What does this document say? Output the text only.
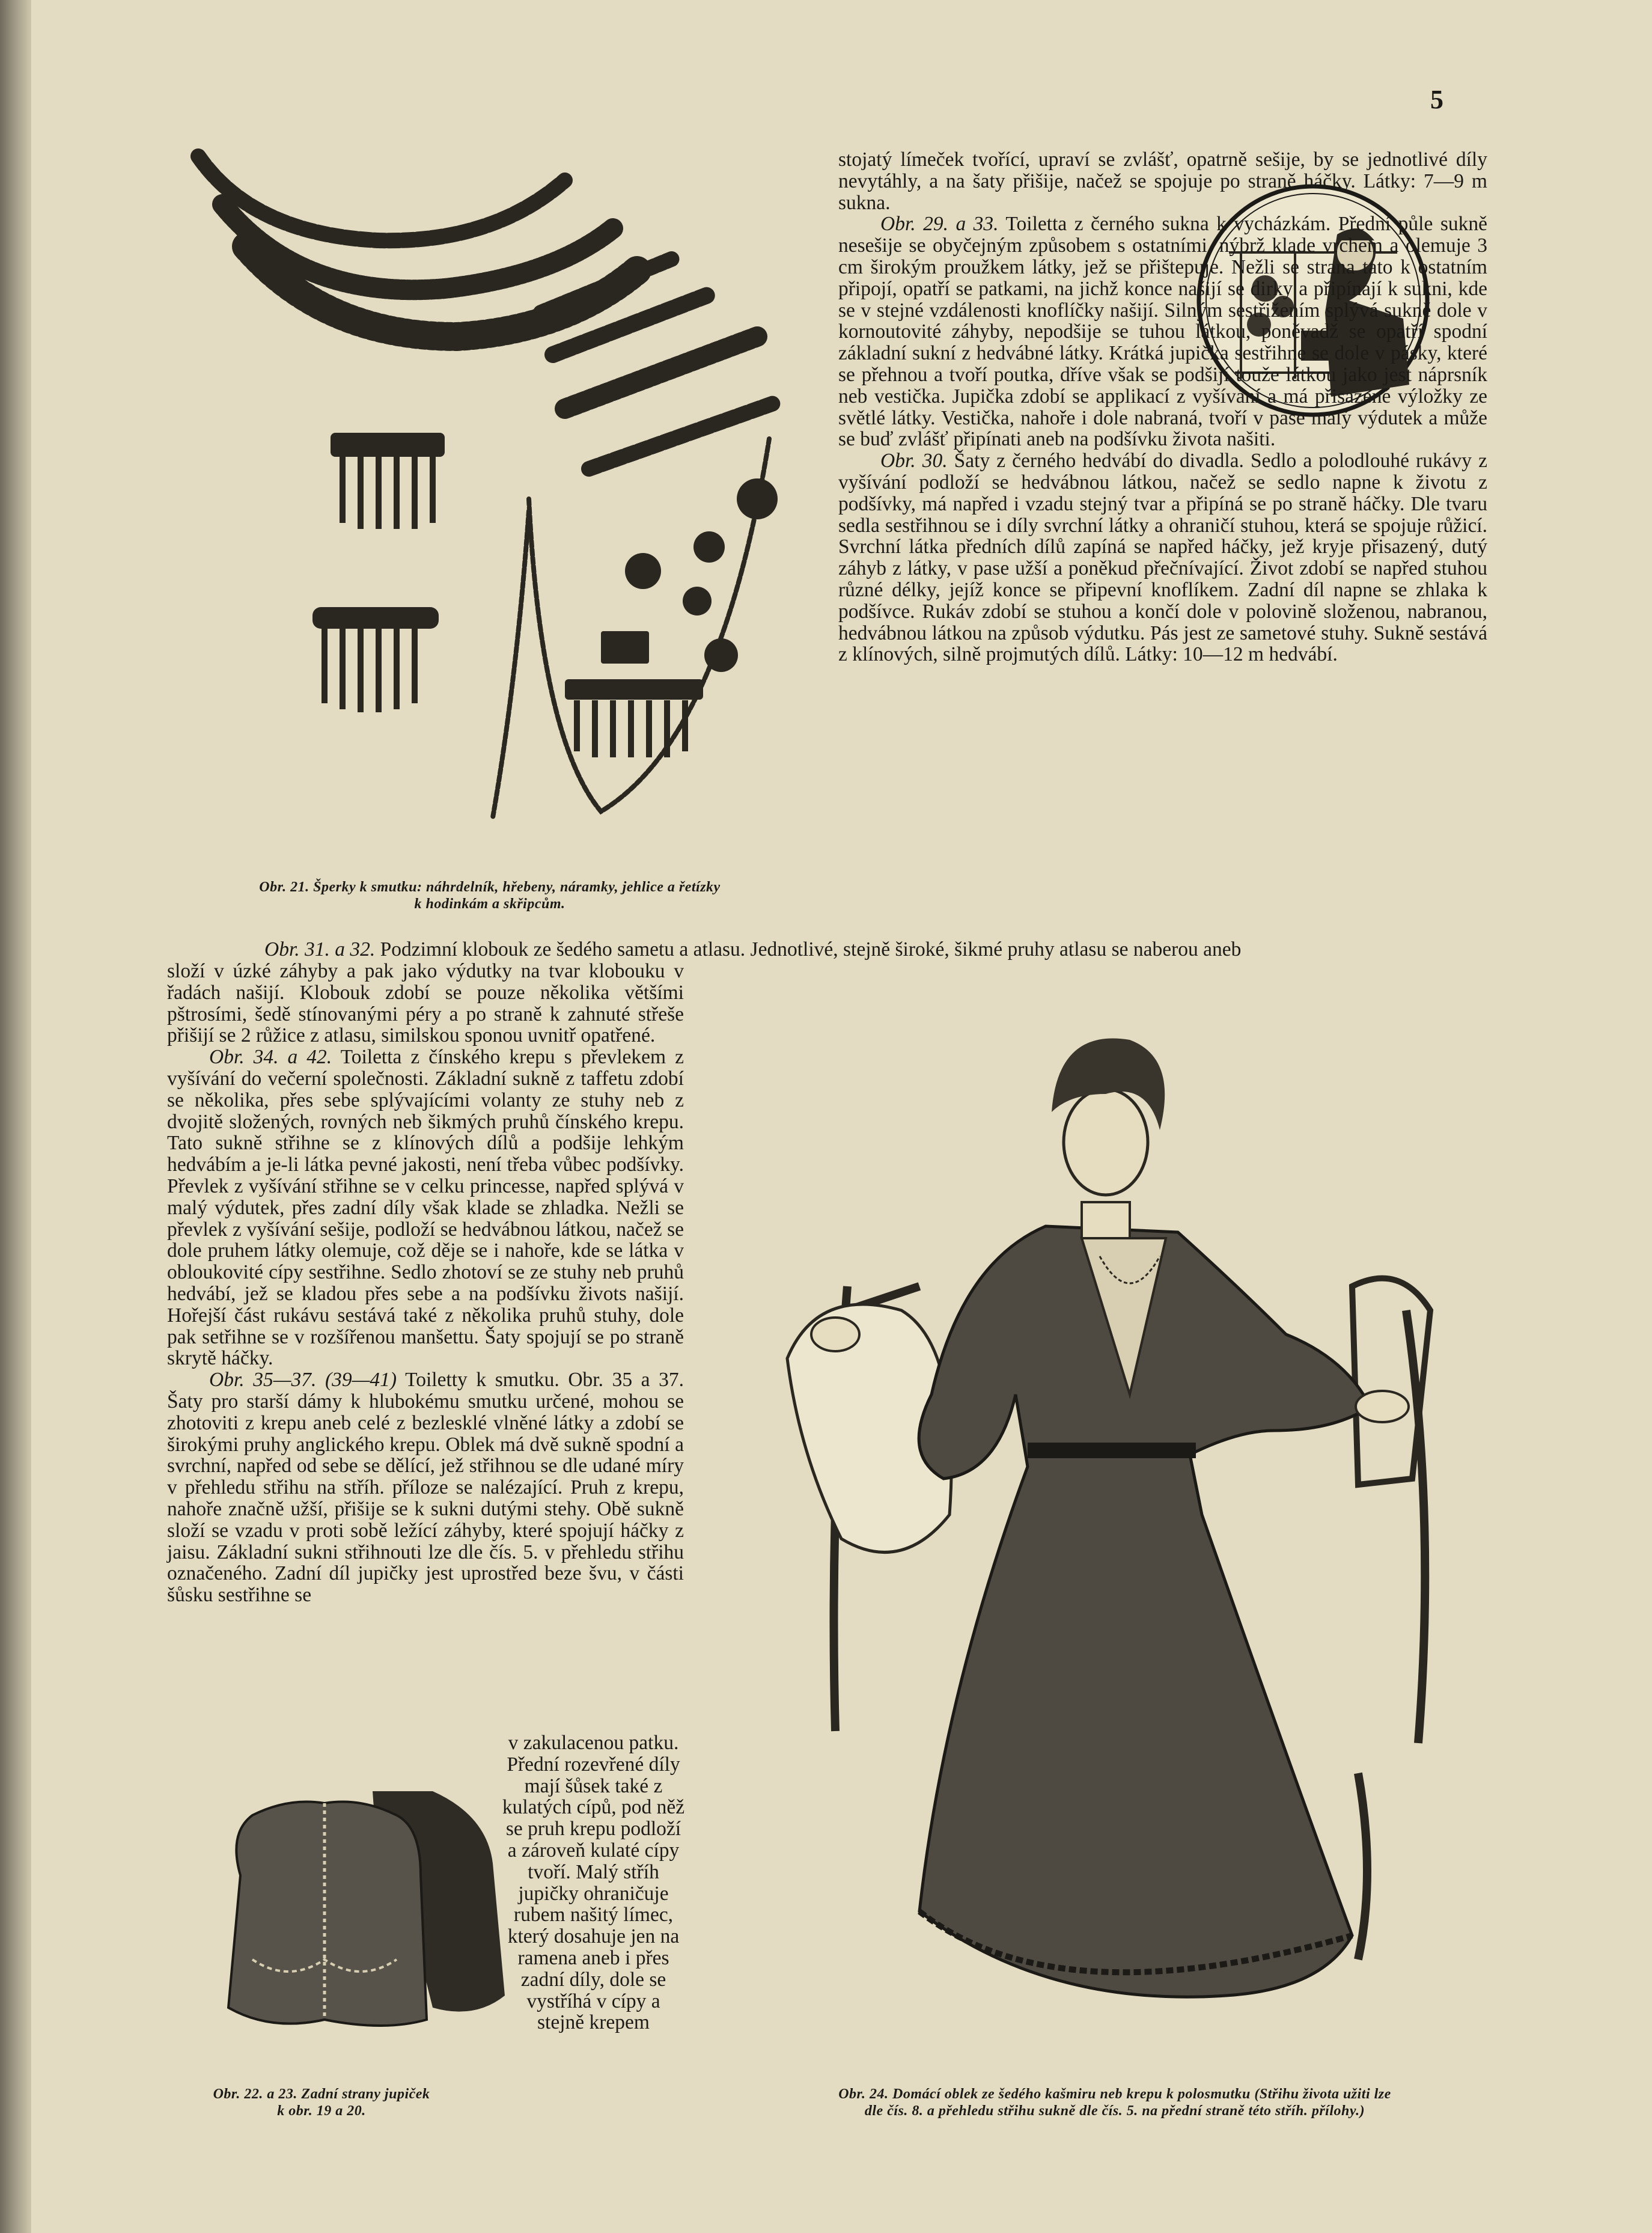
5

stojatý límeček tvořící, upraví se zvlášť, opatrně sešije, by se jednotlivé díly nevytáhly, a na šaty přišije, načež se spojuje po straně háčky. Látky: 7—9 m sukna.
Obr. 29. a 33. Toiletta z černého sukna k vycházkám. Přední půle sukně nesešije se obyčejným způsobem s ostatními, nýbrž klade vrchem a olemuje 3 cm širokým proužkem látky, jež se přištepuje. Nežli se strana tato k ostatním připojí, opatří se patkami, na jichž konce našijí se dirky a připínají k sukni, kde se v stejné vzdálenosti knoflíčky našijí. Silným sestřižením splývá sukně dole v kornoutovité záhyby, nepodšije se tuhou látkou, poněvadž se opatří spodní základní sukní z hedvábné látky. Krátká jupička sestřihne se dole v pásky, které se přehnou a tvoří poutka, dříve však se podšijí touže látkou jako jest náprsník neb vestička. Jupička zdobí se applikací z vyšívání a má přisazené výložky ze světlé látky. Vestička, nahoře i dole nabraná, tvoří v pase malý výdutek a může se buď zvlášť připínati aneb na podšívku života našiti.
Obr. 30. Šaty z černého hedvábí do divadla. Sedlo a polodlouhé rukávy z vyšívání podloží se hedvábnou látkou, načež se sedlo napne k životu z podšívky, má napřed i vzadu stejný tvar a připíná se po straně háčky. Dle tvaru sedla sestřihnou se i díly svrchní látky a ohraničí stuhou, která se spojuje růžicí. Svrchní látka předních dílů zapíná se napřed háčky, jež kryje přisazený, dutý záhyb z látky, v pase užší a poněkud přečnívající. Život zdobí se napřed stuhou různé délky, jejíž konce se připevní knoflíkem. Zadní díl napne se zhlaka k podšívce. Rukáv zdobí se stuhou a končí dole v polovině složenou, nabranou, hedvábnou látkou na způsob výdutku. Pás jest ze sametové stuhy. Sukně sestává z klínových, silně projmutých dílů. Látky: 10—12 m hedvábí.

Obr. 21. Šperky k smutku: náhrdelník, hřebeny, náramky, jehlice a řetízky
k hodinkám a skřipcům.
Obr. 31. a 32. Podzimní klobouk ze šedého sametu a atlasu. Jednotlivé, stejně široké, šikmé pruhy atlasu se naberou aneb

složí v úzké záhyby a pak jako výdutky na tvar klobouku v řadách našijí. Klobouk zdobí se pouze několika většími pštrosími, šedě stínovanými péry a po straně k zahnuté střeše přišijí se 2 růžice z atlasu, similskou sponou uvnitř opatřené.
Obr. 34. a 42. Toiletta z čínského krepu s převlekem z vyšívání do večerní společnosti. Základní sukně z taffetu zdobí se několika, přes sebe splývajícími volanty ze stuhy neb z dvojitě složených, rovných neb šikmých pruhů čínského krepu. Tato sukně střihne se z klínových dílů a podšije lehkým hedvábím a je-li látka pevné jakosti, není třeba vůbec podšívky. Převlek z vyšívání střihne se v celku princesse, napřed splývá v malý výdutek, přes zadní díly však klade se zhladka. Nežli se převlek z vyšívání sešije, podloží se hedvábnou látkou, načež se dole pruhem látky olemuje, což děje se i nahoře, kde se látka v obloukovité cípy sestřihne. Sedlo zhotoví se ze stuhy neb pruhů hedvábí, jež se kladou přes sebe a na podšívku živots našijí. Hořejší část rukávu sestává také z několika pruhů stuhy, dole pak setřihne se v rozšířenou manšettu. Šaty spojují se po straně skrytě háčky.
Obr. 35—37. (39—41) Toiletty k smutku. Obr. 35 a 37. Šaty pro starší dámy k hlubokému smutku určené, mohou se zhotoviti z krepu aneb celé z bezlesklé vlněné látky a zdobí se širokými pruhy anglického krepu. Oblek má dvě sukně spodní a svrchní, napřed od sebe se dělící, jež střihnou se dle udané míry v přehledu střihu na stříh. příloze se nalézající. Pruh z krepu, nahoře značně užší, přišije se k sukni dutými stehy. Obě sukně složí se vzadu v proti sobě ležící záhyby, které spojují háčky z jaisu. Základní sukni střihnouti lze dle čís. 5. v přehledu střihu označeného. Zadní díl jupičky jest uprostřed beze švu, v části šůsku sestřihne se

v zakulacenou patku. Přední rozevřené díly mají šůsek také z kulatých cípů, pod něž se pruh krepu podloží a zároveň kulaté cípy tvoří. Malý stříh jupičky ohraničuje rubem našitý límec, který dosahuje jen na ramena aneb i přes zadní díly, dole se vystříhá v cípy a stejně krepem

Obr. 22. a 23. Zadní strany jupiček
k obr. 19 a 20.
Obr. 24. Domácí oblek ze šedého kašmiru neb krepu k polosmutku (Střihu života užiti lze
dle čís. 8. a přehledu střihu sukně dle čís. 5. na přední straně této stříh. přílohy.)
